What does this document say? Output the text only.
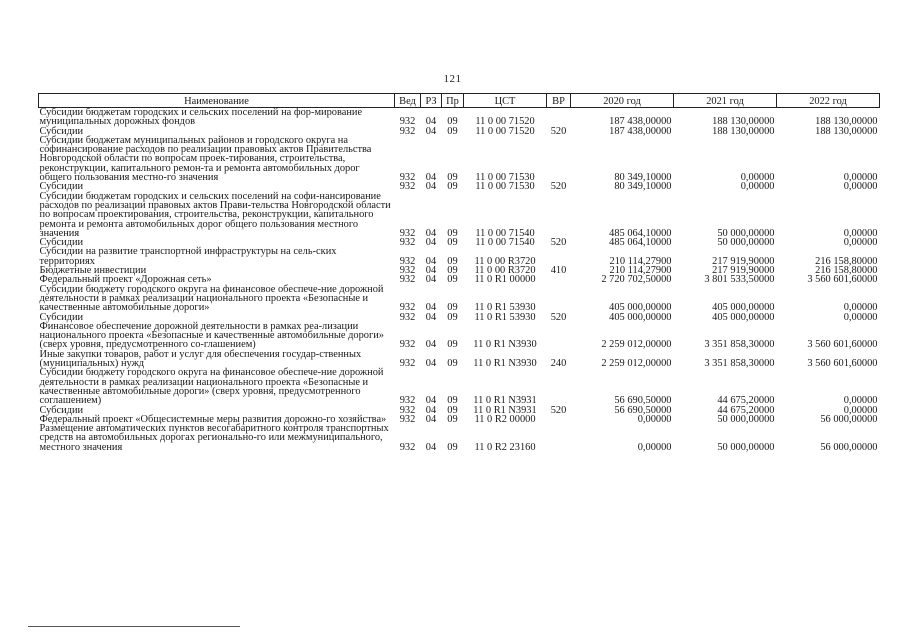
121
Наименование	Вед	РЗ	Пр	ЦСТ	ВР	2020 год	2021 год	2022 год
Субсидии бюджетам городских и сельских поселений на фор-мирование муниципальных дорожных фондов	932	04	09	11 0 00 71520		187 438,00000	188 130,00000	188 130,00000
Субсидии	932	04	09	11 0 00 71520	520	187 438,00000	188 130,00000	188 130,00000
Субсидии бюджетам муниципальных районов и городского округа на софинансирование расходов по реализации правовых актов Правительства Новгородской области по вопросам проек-тирования, строительства, реконструкции, капитального ремон-та и ремонта автомобильных дорог общего пользования местно-го значения	932	04	09	11 0 00 71530		80 349,10000	0,00000	0,00000
Субсидии	932	04	09	11 0 00 71530	520	80 349,10000	0,00000	0,00000
Субсидии бюджетам городских и сельских поселений на софи-нансирование расходов по реализации правовых актов Прави-тельства Новгородской области по вопросам проектирования, строительства, реконструкции, капитального ремонта и ремонта автомобильных дорог общего пользования местного значения	932	04	09	11 0 00 71540		485 064,10000	50 000,00000	0,00000
Субсидии	932	04	09	11 0 00 71540	520	485 064,10000	50 000,00000	0,00000
Субсидии на развитие транспортной инфраструктуры на сель-ских территориях	932	04	09	11 0 00 R3720		210 114,27900	217 919,90000	216 158,80000
Бюджетные инвестиции	932	04	09	11 0 00 R3720	410	210 114,27900	217 919,90000	216 158,80000
Федеральный проект «Дорожная сеть»	932	04	09	11 0 R1 00000		2 720 702,50000	3 801 533,50000	3 560 601,60000
Субсидии бюджету городского округа на финансовое обеспече-ние дорожной деятельности в рамках реализации национального проекта «Безопасные и качественные автомобильные дороги»	932	04	09	11 0 R1 53930		405 000,00000	405 000,00000	0,00000
Субсидии	932	04	09	11 0 R1 53930	520	405 000,00000	405 000,00000	0,00000
Финансовое обеспечение дорожной деятельности в рамках реа-лизации национального проекта «Безопасные и качественные автомобильные дороги» (сверх уровня, предусмотренного со-глашением)	932	04	09	11 0 R1 N3930		2 259 012,00000	3 351 858,30000	3 560 601,60000
Иные закупки товаров, работ и услуг для обеспечения государ-ственных (муниципальных) нужд	932	04	09	11 0 R1 N3930	240	2 259 012,00000	3 351 858,30000	3 560 601,60000
Субсидии бюджету городского округа на финансовое обеспече-ние дорожной деятельности в рамках реализации национального проекта «Безопасные и качественные автомобильные дороги» (сверх уровня, предусмотренного соглашением)	932	04	09	11 0 R1 N3931		56 690,50000	44 675,20000	0,00000
Субсидии	932	04	09	11 0 R1 N3931	520	56 690,50000	44 675,20000	0,00000
Федеральный проект «Общесистемные меры развития дорожно-го хозяйства»	932	04	09	11 0 R2 00000		0,00000	50 000,00000	56 000,00000
Размещение автоматических пунктов весогабаритного контроля транспортных средств на автомобильных дорогах регионально-го или межмуниципального, местного значения	932	04	09	11 0 R2 23160		0,00000	50 000,00000	56 000,00000
